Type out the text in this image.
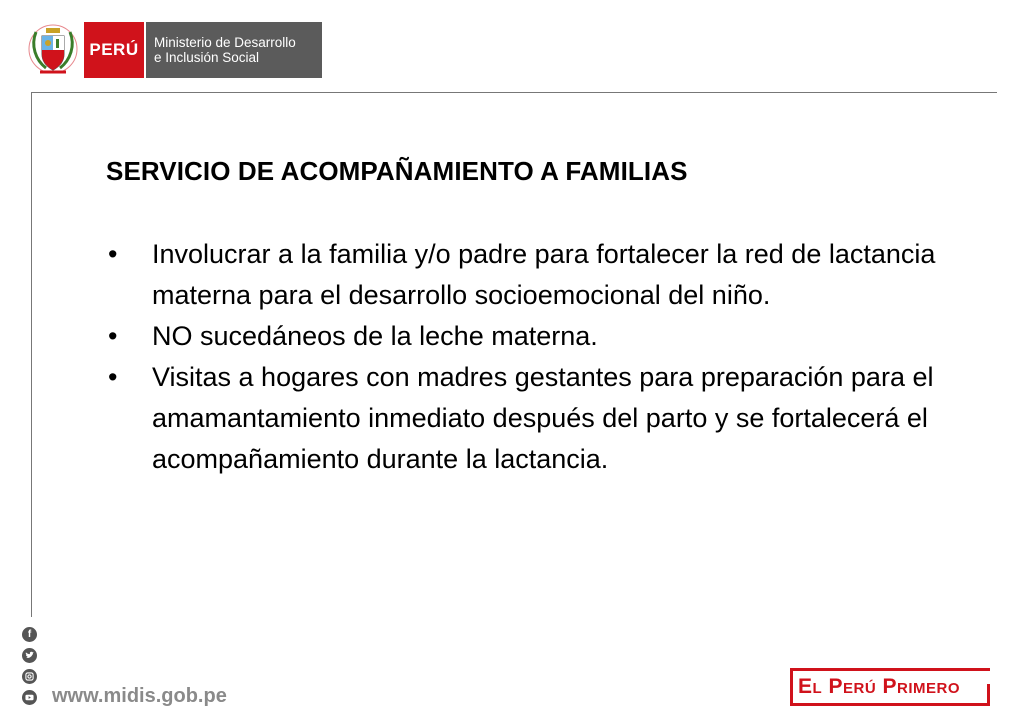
PERÚ	Ministerio de Desarrollo
e Inclusión Social
SERVICIO DE ACOMPAÑAMIENTO A FAMILIAS
• Involucrar a la familia y/o padre para fortalecer la red de lactancia materna para el desarrollo socioemocional del niño.
• NO sucedáneos de la leche materna.
• Visitas a hogares con madres gestantes para preparación para el amamantamiento inmediato después del parto y se fortalecerá el acompañamiento durante la lactancia.
f
www.midis.gob.pe	El Perú Primero
